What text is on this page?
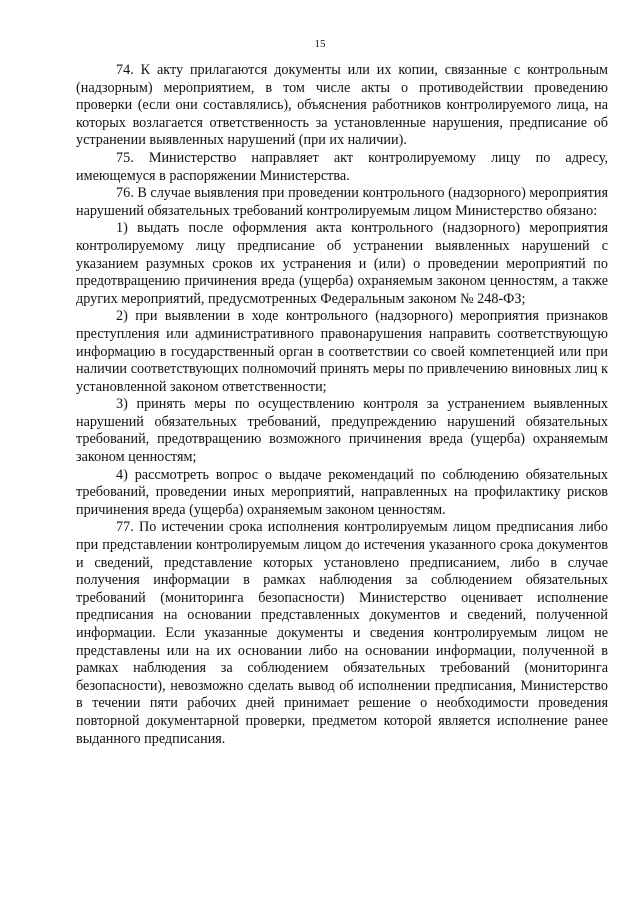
15

74. К акту прилагаются документы или их копии, связанные с контрольным (надзорным) мероприятием, в том числе акты о противодействии проведению проверки (если они составлялись), объяснения работников контролируемого лица, на которых возлагается ответственность за установленные нарушения, предписание об устранении выявленных нарушений (при их наличии).

75. Министерство направляет акт контролируемому лицу по адресу, имеющемуся в распоряжении Министерства.

76. В случае выявления при проведении контрольного (надзорного) мероприятия нарушений обязательных требований контролируемым лицом Министерство обязано:

1) выдать после оформления акта контрольного (надзорного) мероприятия контролируемому лицу предписание об устранении выявленных нарушений с указанием разумных сроков их устранения и (или) о проведении мероприятий по предотвращению причинения вреда (ущерба) охраняемым законом ценностям, а также других мероприятий, предусмотренных Федеральным законом № 248-ФЗ;

2) при выявлении в ходе контрольного (надзорного) мероприятия признаков преступления или административного правонарушения направить соответствующую информацию в государственный орган в соответствии со своей компетенцией или при наличии соответствующих полномочий принять меры по привлечению виновных лиц к установленной законом ответственности;

3) принять меры по осуществлению контроля за устранением выявленных нарушений обязательных требований, предупреждению нарушений обязательных требований, предотвращению возможного причинения вреда (ущерба) охраняемым законом ценностям;

4) рассмотреть вопрос о выдаче рекомендаций по соблюдению обязательных требований, проведении иных мероприятий, направленных на профилактику рисков причинения вреда (ущерба) охраняемым законом ценностям.

77. По истечении срока исполнения контролируемым лицом предписания либо при представлении контролируемым лицом до истечения указанного срока документов и сведений, представление которых установлено предписанием, либо в случае получения информации в рамках наблюдения за соблюдением обязательных требований (мониторинга безопасности) Министерство оценивает исполнение предписания на основании представленных документов и сведений, полученной информации. Если указанные документы и сведения контролируемым лицом не представлены или на их основании либо на основании информации, полученной в рамках наблюдения за соблюдением обязательных требований (мониторинга безопасности), невозможно сделать вывод об исполнении предписания, Министерство в течении пяти рабочих дней принимает решение о необходимости проведения повторной документарной проверки, предметом которой является исполнение ранее выданного предписания.
